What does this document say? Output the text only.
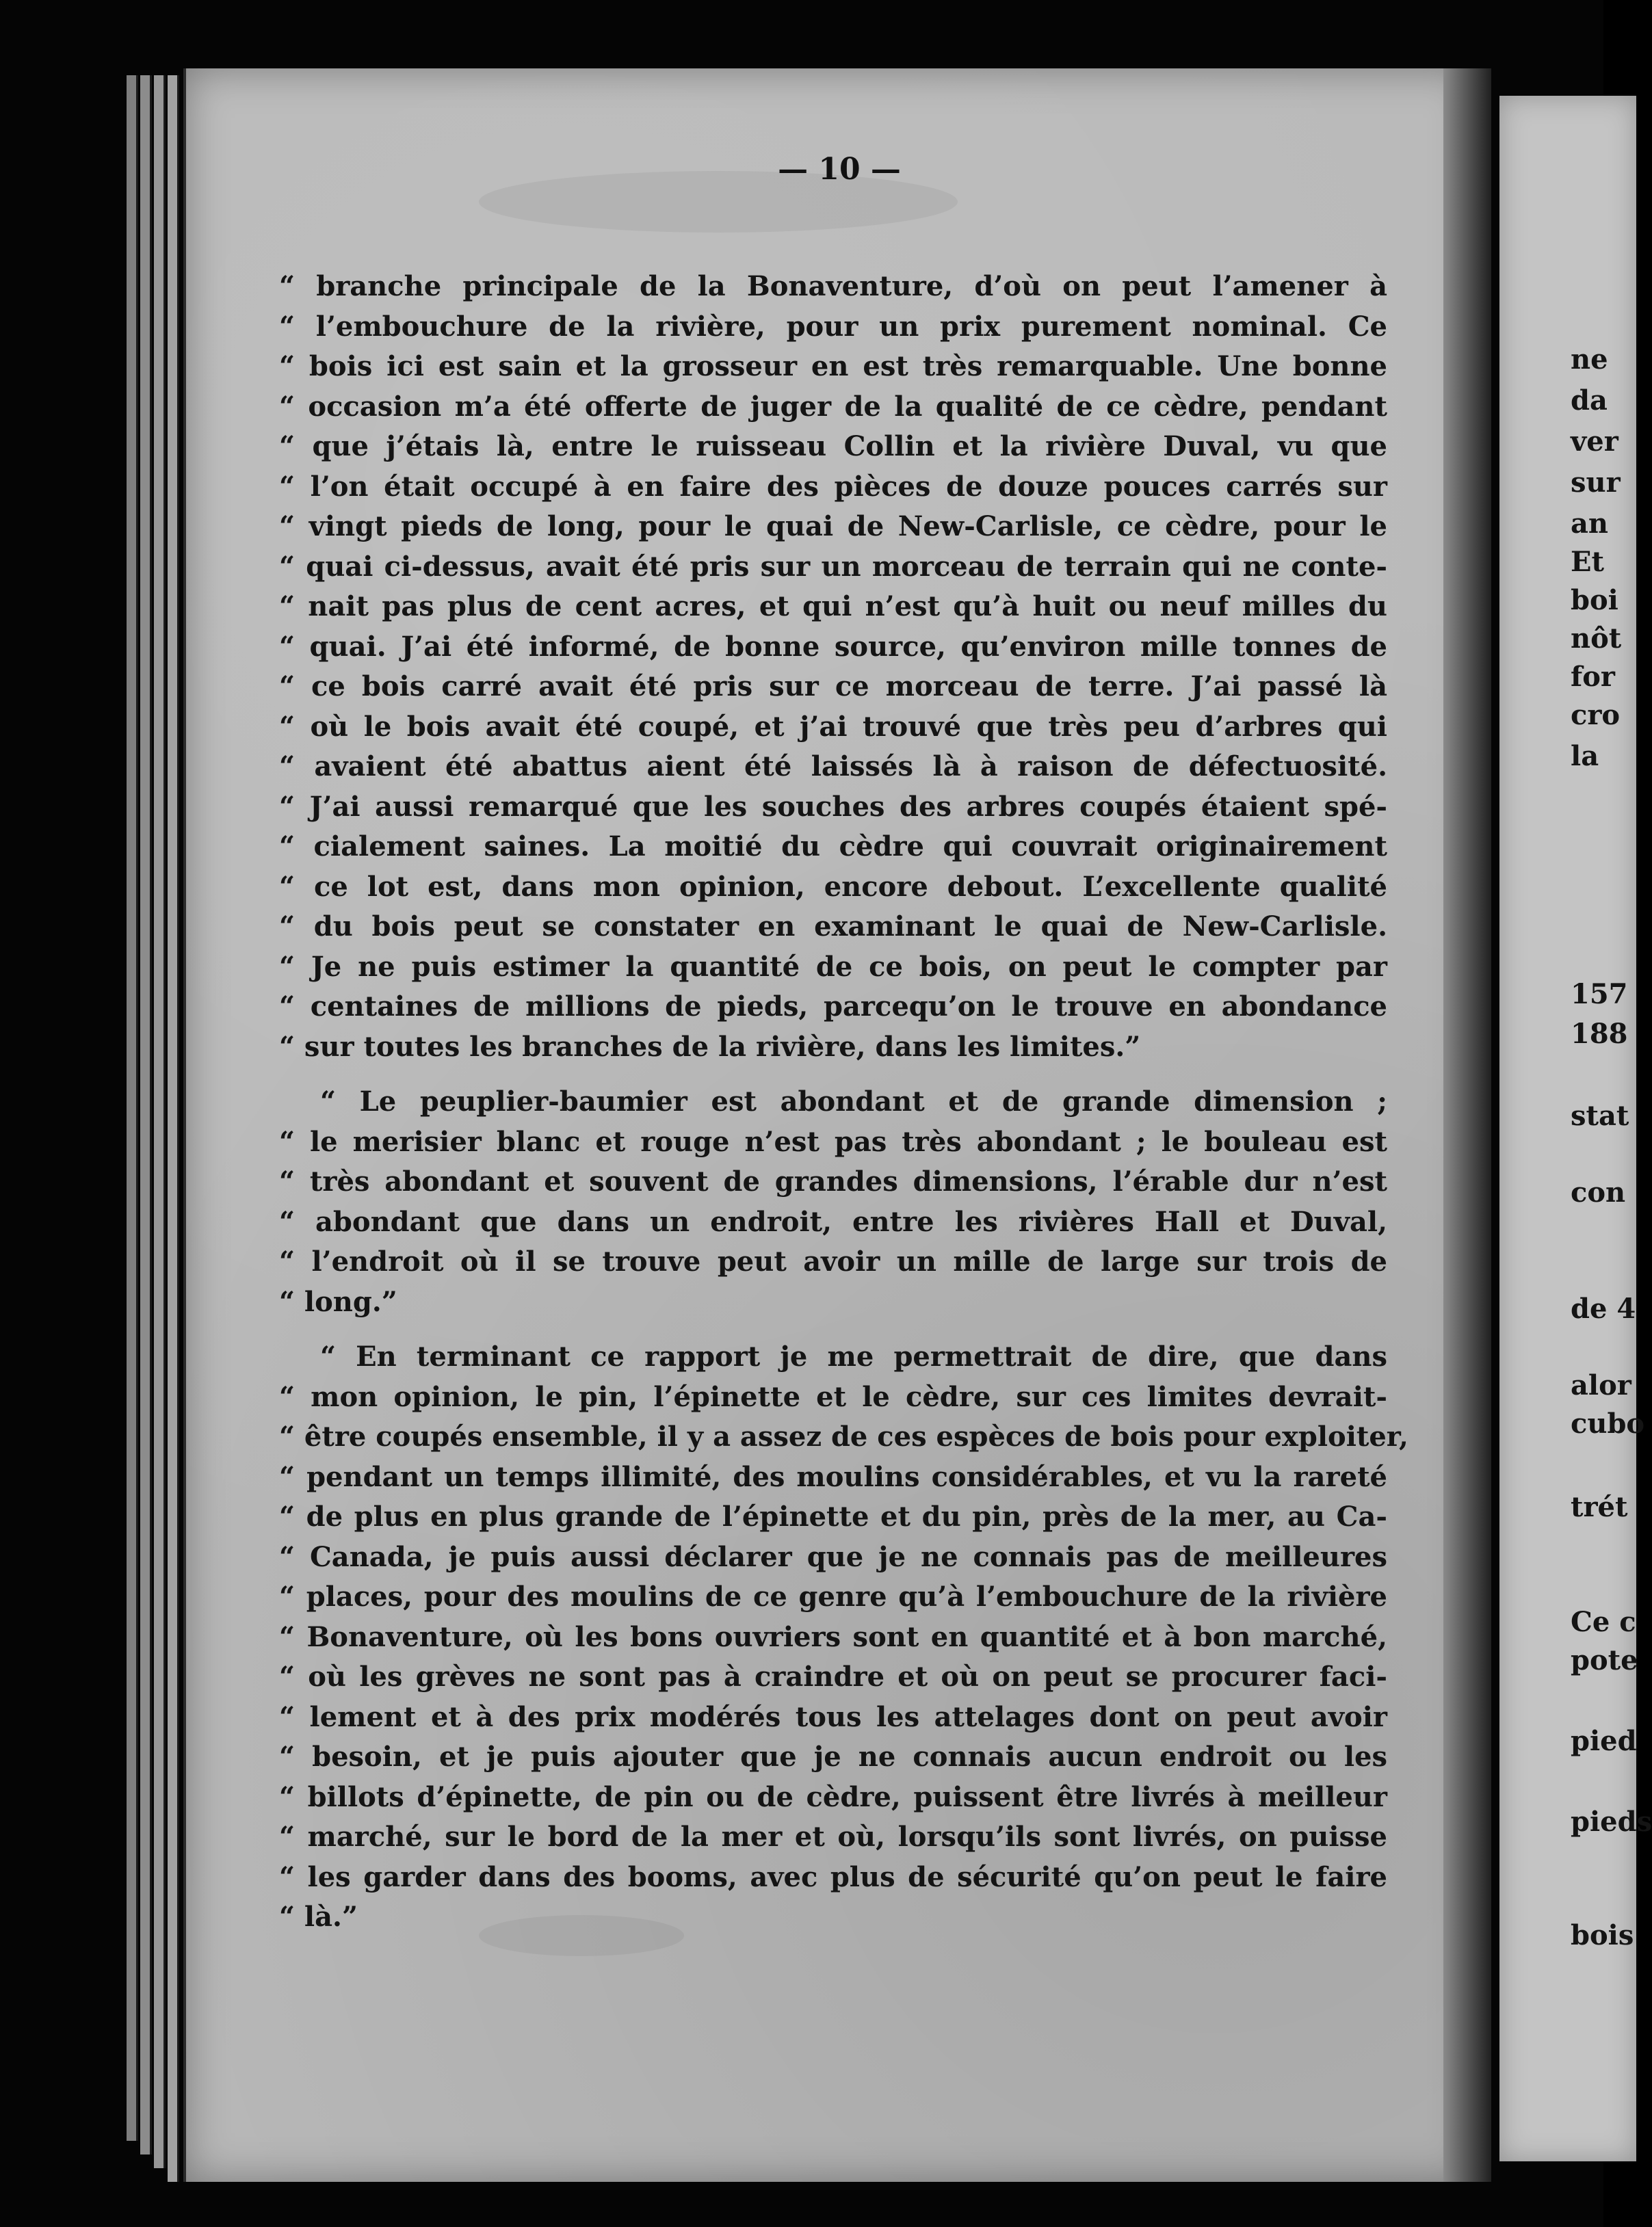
— 10 —
“ branche principale de la Bonaventure, d’où on peut l’amener à
“ l’embouchure de la rivière, pour un prix purement nominal. Ce
“ bois ici est sain et la grosseur en est très remarquable. Une bonne
“ occasion m’a été offerte de juger de la qualité de ce cèdre, pendant
“ que j’étais là, entre le ruisseau Collin et la rivière Duval, vu que
“ l’on était occupé à en faire des pièces de douze pouces carrés sur
“ vingt pieds de long, pour le quai de New-Carlisle, ce cèdre, pour le
“ quai ci-dessus, avait été pris sur un morceau de terrain qui ne conte-
“ nait pas plus de cent acres, et qui n’est qu’à huit ou neuf milles du
“ quai. J’ai été informé, de bonne source, qu’environ mille tonnes de
“ ce bois carré avait été pris sur ce morceau de terre. J’ai passé là
“ où le bois avait été coupé, et j’ai trouvé que très peu d’arbres qui
“ avaient été abattus aient été laissés là à raison de défectuosité.
“ J’ai aussi remarqué que les souches des arbres coupés étaient spé-
“ cialement saines. La moitié du cèdre qui couvrait originairement
“ ce lot est, dans mon opinion, encore debout. L’excellente qualité
“ du bois peut se constater en examinant le quai de New-Carlisle.
“ Je ne puis estimer la quantité de ce bois, on peut le compter par
“ centaines de millions de pieds, parcequ’on le trouve en abondance
“ sur toutes les branches de la rivière, dans les limites.”
“ Le peuplier-baumier est abondant et de grande dimension ;
“ le merisier blanc et rouge n’est pas très abondant ; le bouleau est
“ très abondant et souvent de grandes dimensions, l’érable dur n’est
“ abondant que dans un endroit, entre les rivières Hall et Duval,
“ l’endroit où il se trouve peut avoir un mille de large sur trois de
“ long.”
“ En terminant ce rapport je me permettrait de dire, que dans
“ mon opinion, le pin, l’épinette et le cèdre, sur ces limites devrait-
“ être coupés ensemble, il y a assez de ces espèces de bois pour exploiter,
“ pendant un temps illimité, des moulins considérables, et vu la rareté
“ de plus en plus grande de l’épinette et du pin, près de la mer, au Ca-
“ Canada, je puis aussi déclarer que je ne connais pas de meilleures
“ places, pour des moulins de ce genre qu’à l’embouchure de la rivière
“ Bonaventure, où les bons ouvriers sont en quantité et à bon marché,
“ où les grèves ne sont pas à craindre et où on peut se procurer faci-
“ lement et à des prix modérés tous les attelages dont on peut avoir
“ besoin, et je puis ajouter que je ne connais aucun endroit ou les
“ billots d’épinette, de pin ou de cèdre, puissent être livrés à meilleur
“ marché, sur le bord de la mer et où, lorsqu’ils sont livrés, on puisse
“ les garder dans des booms, avec plus de sécurité qu’on peut le faire
“ là.”
ne
da
ver
sur
an
Et
boi
nôt
for
cro
la
157
188
stat
con
de 4
alor
cubo
trét
Ce c
pote
pied
pieds
bois
